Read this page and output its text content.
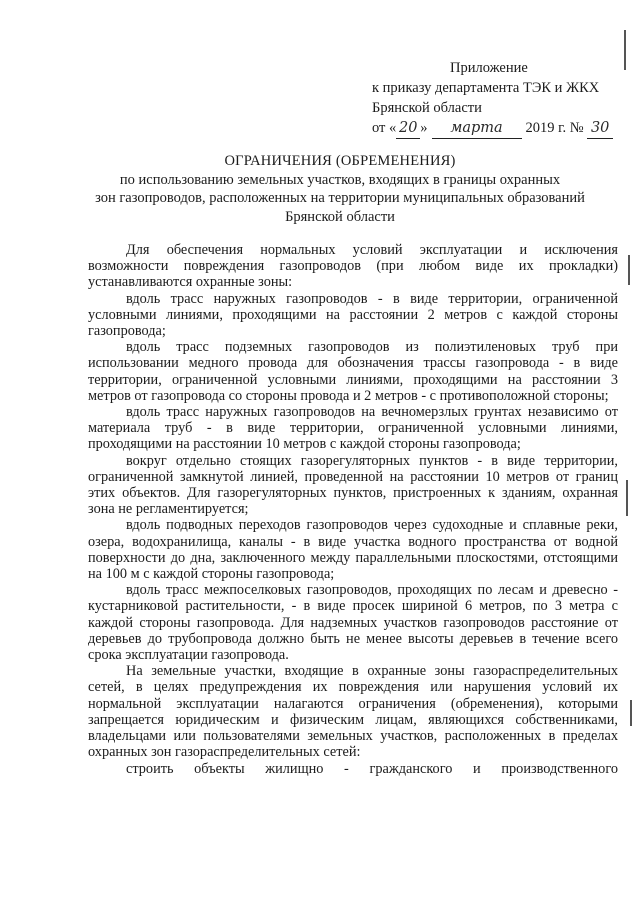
Приложение
к приказу департамента ТЭК и ЖКХ
Брянской области
от « 20 » марта 2019 г. № 30
ОГРАНИЧЕНИЯ (ОБРЕМЕНЕНИЯ)
по использованию земельных участков, входящих в границы охранных
зон газопроводов, расположенных на территории муниципальных образований
Брянской области

Для обеспечения нормальных условий эксплуатации и исключения возможности повреждения газопроводов (при любом виде их прокладки) устанавливаются охранные зоны:

вдоль трасс наружных газопроводов - в виде территории, ограниченной условными линиями, проходящими на расстоянии 2 метров с каждой стороны газопровода;

вдоль трасс подземных газопроводов из полиэтиленовых труб при использовании медного провода для обозначения трассы газопровода - в виде территории, ограниченной условными линиями, проходящими на расстоянии 3 метров от газопровода со стороны провода и 2 метров - с противоположной стороны;

вдоль трасс наружных газопроводов на вечномерзлых грунтах независимо от материала труб - в виде территории, ограниченной условными линиями, проходящими на расстоянии 10 метров с каждой стороны газопровода;

вокруг отдельно стоящих газорегуляторных пунктов - в виде территории, ограниченной замкнутой линией, проведенной на расстоянии 10 метров от границ этих объектов. Для газорегуляторных пунктов, пристроенных к зданиям, охранная зона не регламентируется;

вдоль подводных переходов газопроводов через судоходные и сплавные реки, озера, водохранилища, каналы - в виде участка водного пространства от водной поверхности до дна, заключенного между параллельными плоскостями, отстоящими на 100 м с каждой стороны газопровода;

вдоль трасс межпоселковых газопроводов, проходящих по лесам и древесно - кустарниковой растительности, - в виде просек шириной 6 метров, по 3 метра с каждой стороны газопровода. Для надземных участков газопроводов расстояние от деревьев до трубопровода должно быть не менее высоты деревьев в течение всего срока эксплуатации газопровода.

На земельные участки, входящие в охранные зоны газораспределительных сетей, в целях предупреждения их повреждения или нарушения условий их нормальной эксплуатации налагаются ограничения (обременения), которыми запрещается юридическим и физическим лицам, являющихся собственниками, владельцами или пользователями земельных участков, расположенных в пределах охранных зон газораспределительных сетей:

строить объекты жилищно - гражданского и производственного
